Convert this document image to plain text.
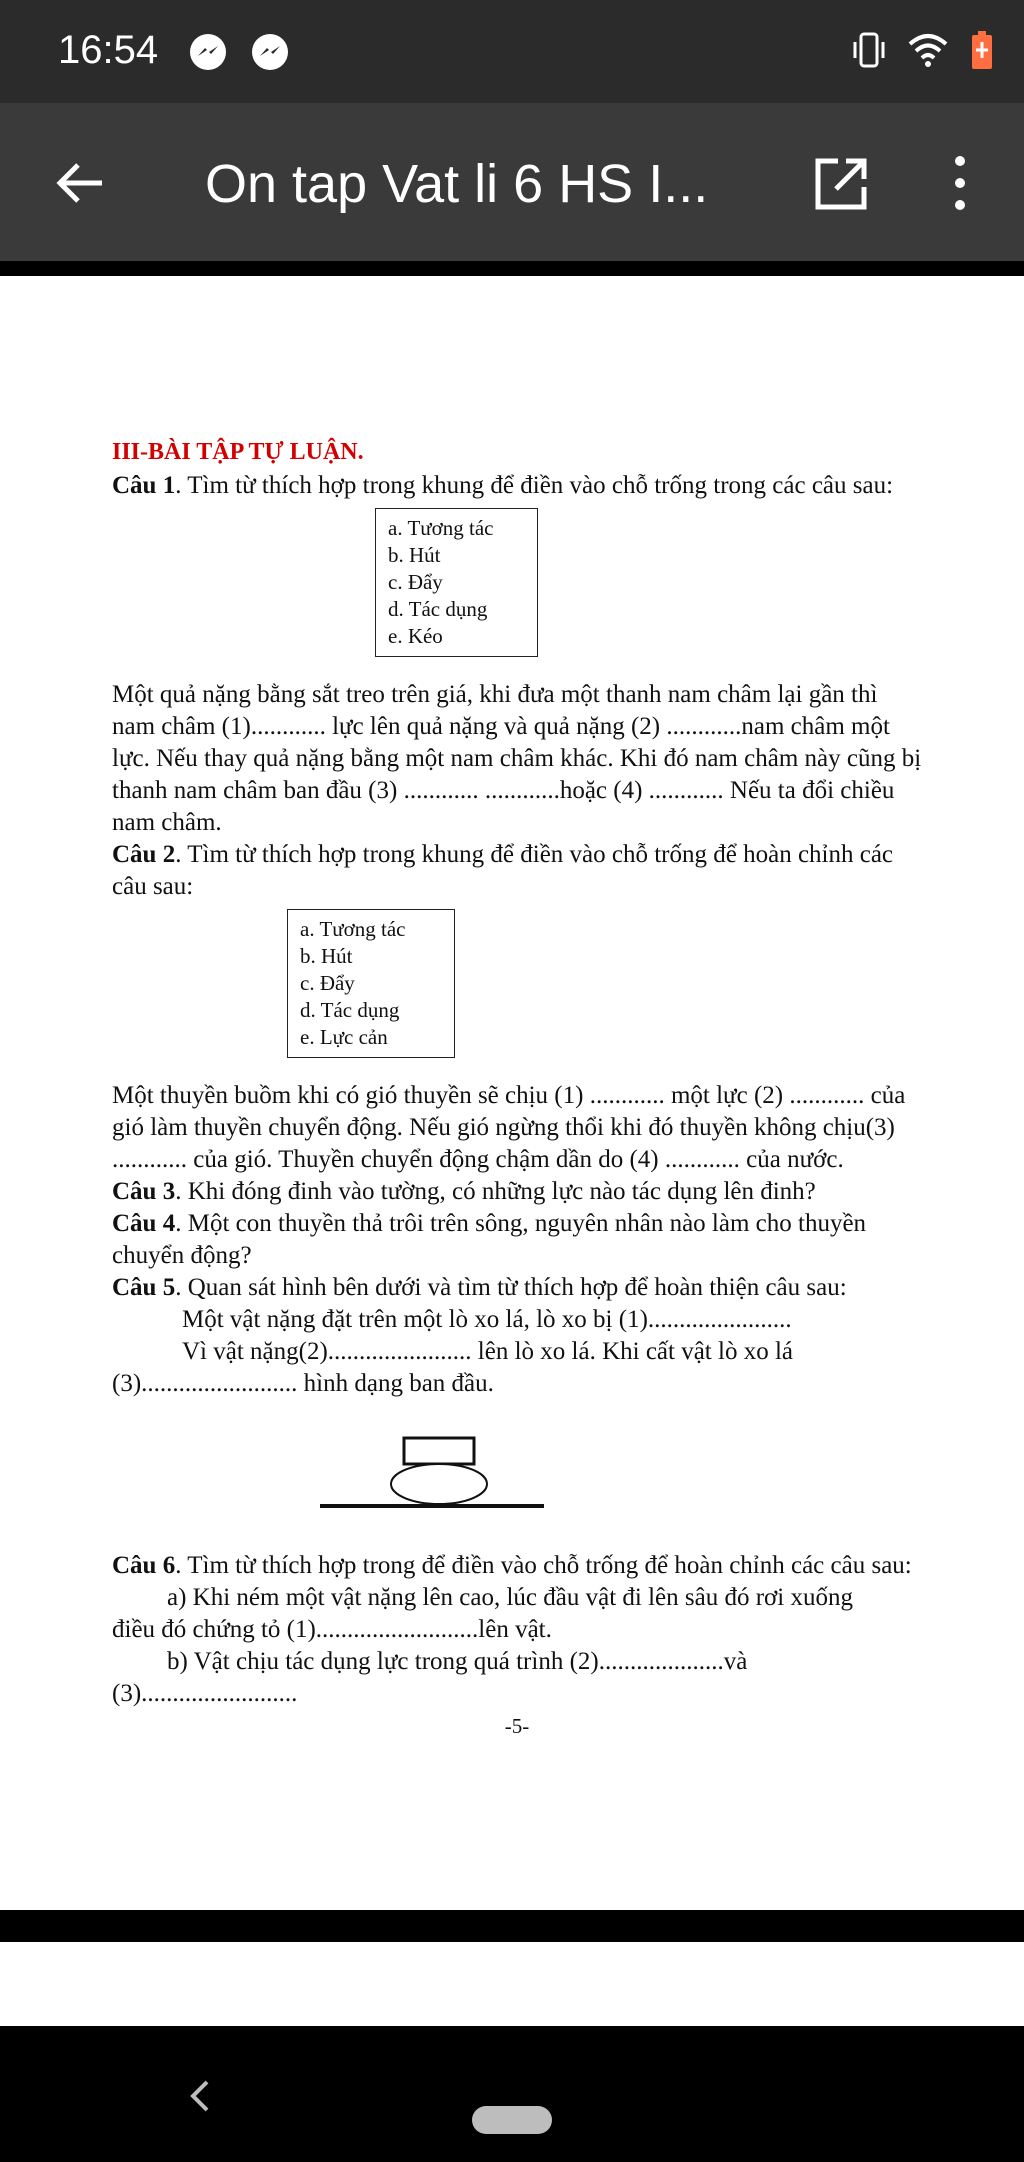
16:54
On tap Vat li 6 HS I...

III-BÀI TẬP TỰ LUẬN.

Câu 1. Tìm từ thích hợp trong khung để điền vào chỗ trống trong các câu sau:

a. Tương tác
b. Hút
c. Đẩy
d. Tác dụng
e. Kéo

Một quả nặng bằng sắt treo trên giá, khi đưa một thanh nam châm lại gần thì nam châm (1)............ lực lên quả nặng và quả nặng (2) ............nam châm một lực. Nếu thay quả nặng bằng một nam châm khác. Khi đó nam châm này cũng bị thanh nam châm ban đầu (3) ............ ............hoặc (4) ............ Nếu ta đổi chiều nam châm.

Câu 2. Tìm từ thích hợp trong khung để điền vào chỗ trống để hoàn chỉnh các câu sau:

a. Tương tác
b. Hút
c. Đẩy
d. Tác dụng
e. Lực cản

Một thuyền buồm khi có gió thuyền sẽ chịu (1) ............ một lực (2) ............ của gió làm thuyền chuyển động. Nếu gió ngừng thổi khi đó thuyền không chịu(3) ............ của gió. Thuyền chuyển động chậm dần do (4) ............ của nước.

Câu 3. Khi đóng đinh vào tường, có những lực nào tác dụng lên đinh?

Câu 4. Một con thuyền thả trôi trên sông, nguyên nhân nào làm cho thuyền chuyển động?

Câu 5. Quan sát hình bên dưới và tìm từ thích hợp để hoàn thiện câu sau:

Một vật nặng đặt trên một lò xo lá, lò xo bị (1).......................

Vì vật nặng(2)....................... lên lò xo lá. Khi cất vật lò xo lá

(3)......................... hình dạng ban đầu.

Câu 6. Tìm từ thích hợp trong để điền vào chỗ trống để hoàn chỉnh các câu sau:

a) Khi ném một vật nặng lên cao, lúc đầu vật đi lên sâu đó rơi xuống

điều đó chứng tỏ (1)..........................lên vật.

b) Vật chịu tác dụng lực trong quá trình (2)....................và

(3).........................

-5-
